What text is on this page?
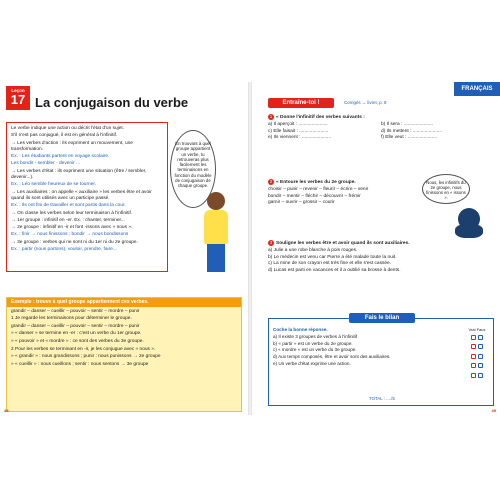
Leçon
17 La conjugaison du verbe

Le verbe indique une action ou décrit l'état d'un sujet.

S'il n'est pas conjugué, il est en général à l'infinitif.

→ Les verbes d'action : ils expriment un mouvement, une transformation.

Ex. : Les étudiants partent en voyage scolaire.

Les bondir - sembler - devenir ...

→ Les verbes d'état : ils expriment une situation (être / sembler, devenir...).

Ex. : Léo semble heureux de se tourner.

→ Les auxiliaires : on appelle « auxiliaire » les verbes être et avoir quand ils sont utilisés avec un participe passé.

Ex. : Ils ont fini de travailler et sont partis dans la cour.

→ On classe les verbes selon leur terminaison à l'infinitif.

→ 1er groupe : infinitif en -er. Ex. : chanter, terminer...

→ 2e groupe : infinitif en -ir et font -issons avec « nous ».

Ex. : finir → nous finissons ; bondir → nous bondissons

→ 3e groupe : verbes qui ne sont ni du 1er ni du 2e groupe.

Ex. : partir (nous partons), vouloir, prendre, faire...

En trouvant à quel groupe appartient un verbe, tu retrouveras plus facilement les terminaisons en fonction du modèle de conjugaison de chaque groupe.
Exemple : trouve à quel groupe appartiennent ces verbes.
grandir – danser – cueillir – pouvoir – sentir – mordre – punir
1 Je regarde les terminaisons pour déterminer le groupe.
grandir – danser – cueillir – pouvoir – sentir – mordre – punir
» « danser » se termine en -er : c'est un verbe du 1er groupe.
» « pouvoir » et « mordre » : ce sont des verbes du 3e groupe.
2 Pour les verbes se terminant en -ir, je les conjugue avec « nous ».
» « grandir » : nous grandissons ; punir : nous punissons → 2e groupe
» « cueillir » : nous cueillons ; sentir : nous sentons → 3e groupe
48
FRANÇAIS
Entraîne-toi !	Corrigés → livret, p. 8
1 « Donne l'infinitif des verbes suivants :
a) Il aperçoit : ......................	b) Il sera : ......................
c) Elle faisait : ......................	d) Ils mettent : ......................
e) Ils viennent : ......................	f) Elle veut : ......................
2 « Entoure les verbes du 2e groupe.
choisir – punir – revenir – fleurir – écrire – venir
bondir – mentir – fléchir – découvrir – frémir
garnir – ouvrir – grossir – courir
Nous, les infinitifs du 2e groupe, nous finissons en « issons ».
3 Souligne les verbes être et avoir quand ils sont auxiliaires.
a) Julie a une robe blanche à pois rouges.
b) Le médecin est venu car Pierre a été malade toute la nuit.
c) La mine de son crayon est très fine et elle s'est cassée.
d) Lucas est parti en vacances et il a oublié sa brosse à dents.
Fais le bilan
Coche la bonne réponse.
a) Il existe 3 groupes de verbes à l'infinitif
b) « partir » est un verbe du 2e groupe.
c) « mordre » est un verbe du 3e groupe.
d) Aux temps composés, être et avoir sont des auxiliaires.
e) Un verbe d'état exprime une action.
Vrai Faux
TOTAL : ..../5
49
